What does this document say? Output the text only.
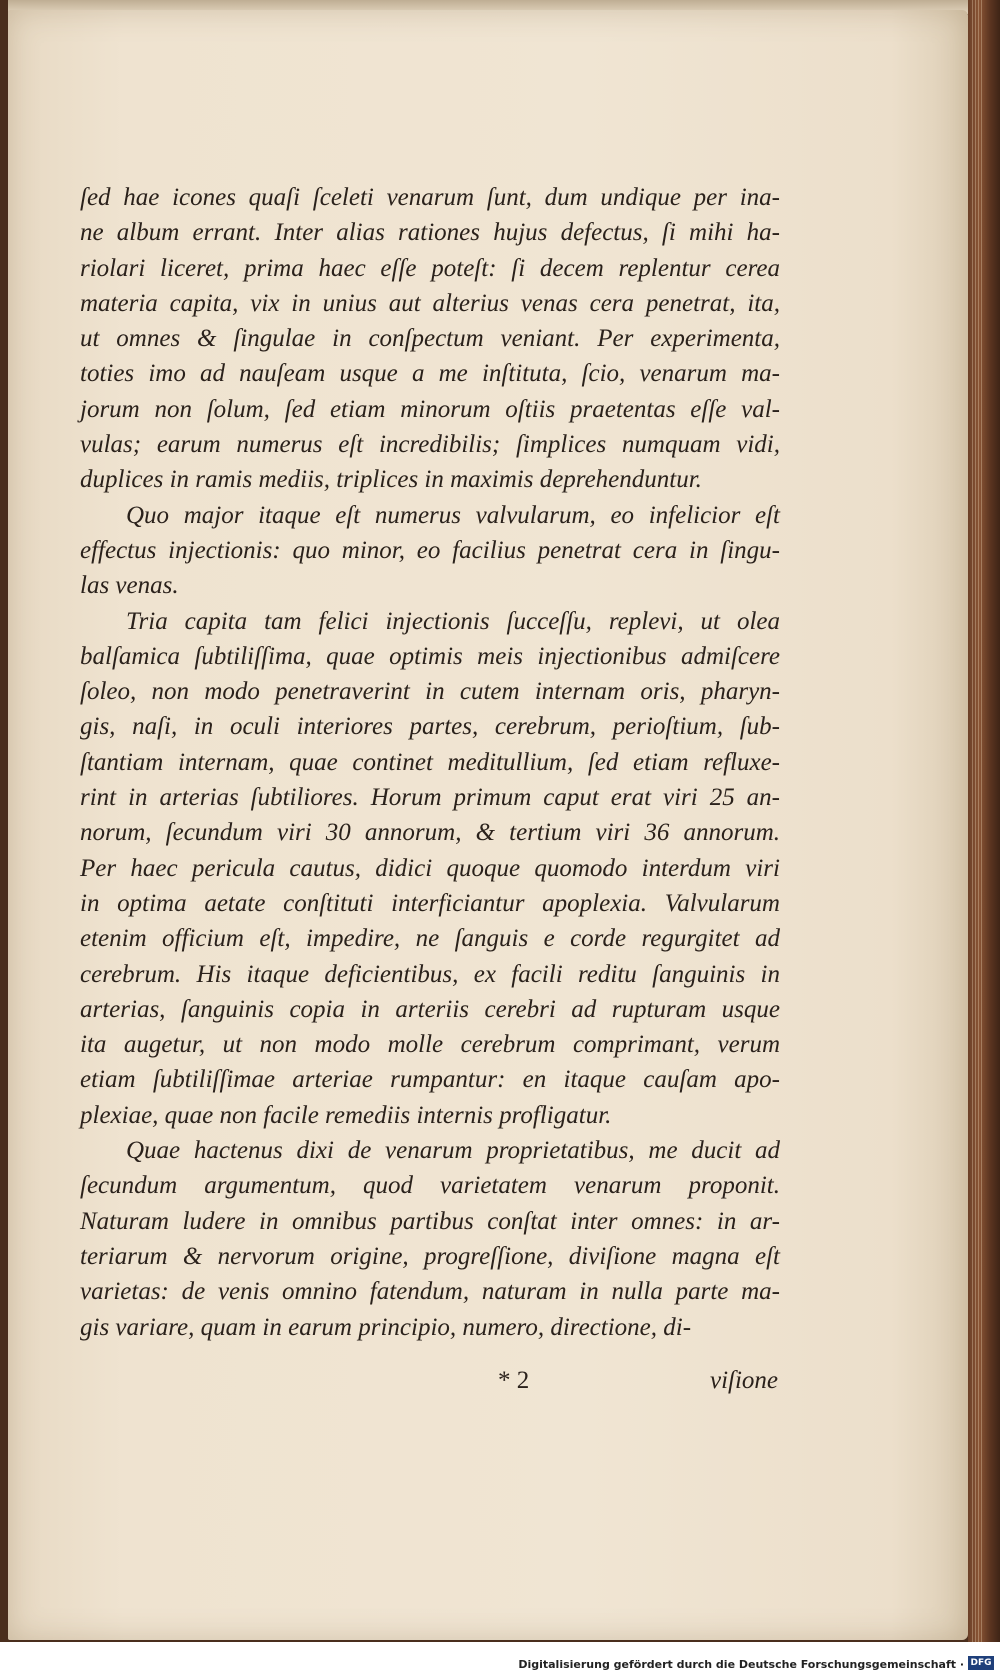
ſed hae icones quaſi ſceleti venarum ſunt, dum undique per ina-
ne album errant. Inter alias rationes hujus defectus, ſi mihi ha-
riolari liceret, prima haec eſſe poteſt: ſi decem replentur cerea
materia capita, vix in unius aut alterius venas cera penetrat, ita,
ut omnes & ſingulae in conſpectum veniant. Per experimenta,
toties imo ad nauſeam usque a me inſtituta, ſcio, venarum ma-
jorum non ſolum, ſed etiam minorum oſtiis praetentas eſſe val-
vulas; earum numerus eſt incredibilis; ſimplices numquam vidi,
duplices in ramis mediis, triplices in maximis deprehenduntur.
Quo major itaque eſt numerus valvularum, eo infelicior eſt
effectus injectionis: quo minor, eo facilius penetrat cera in ſingu-
las venas.
Tria capita tam felici injectionis ſucceſſu, replevi, ut olea
balſamica ſubtiliſſima, quae optimis meis injectionibus admiſcere
ſoleo, non modo penetraverint in cutem internam oris, pharyn-
gis, naſi, in oculi interiores partes, cerebrum, perioſtium, ſub-
ſtantiam internam, quae continet meditullium, ſed etiam refluxe-
rint in arterias ſubtiliores. Horum primum caput erat viri 25 an-
norum, ſecundum viri 30 annorum, & tertium viri 36 annorum.
Per haec pericula cautus, didici quoque quomodo interdum viri
in optima aetate conſtituti interficiantur apoplexia. Valvularum
etenim officium eſt, impedire, ne ſanguis e corde regurgitet ad
cerebrum. His itaque deficientibus, ex facili reditu ſanguinis in
arterias, ſanguinis copia in arteriis cerebri ad rupturam usque
ita augetur, ut non modo molle cerebrum comprimant, verum
etiam ſubtiliſſimae arteriae rumpantur: en itaque cauſam apo-
plexiae, quae non facile remediis internis profligatur.
Quae hactenus dixi de venarum proprietatibus, me ducit ad
ſecundum argumentum, quod varietatem venarum proponit.
Naturam ludere in omnibus partibus conſtat inter omnes: in ar-
teriarum & nervorum origine, progreſſione, diviſione magna eſt
varietas: de venis omnino fatendum, naturam in nulla parte ma-
gis variare, quam in earum principio, numero, directione, di-
* 2	viſione
Digitalisierung gefördert durch die Deutsche Forschungsgemeinschaft · DFG
